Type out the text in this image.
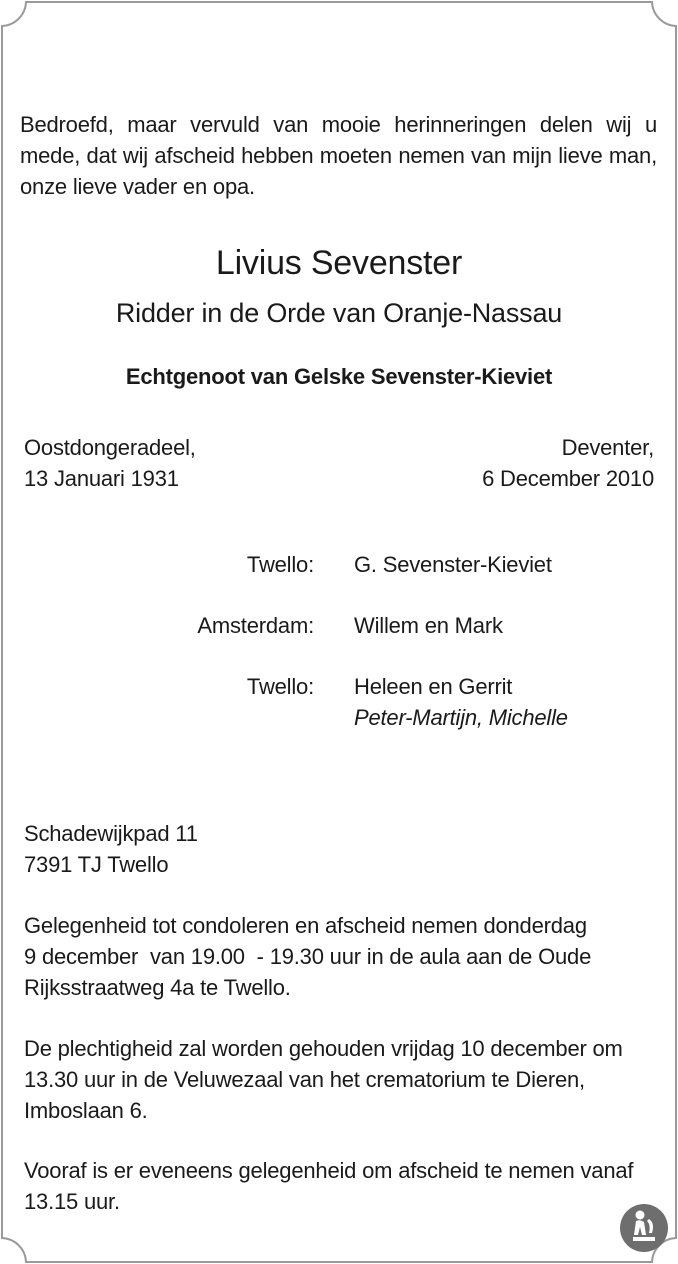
Bedroefd, maar vervuld van mooie herinneringen delen wij u

mede, dat wij afscheid hebben moeten nemen van mijn lieve man,

onze lieve vader en opa.

Livius Sevenster

Ridder in de Orde van Oranje-Nassau

Echtgenoot van Gelske Sevenster-Kieviet

Oostdongeradeel,

13 Januari 1931

Deventer,

6 December 2010

Twello: G. Sevenster-Kieviet

Amsterdam: Willem en Mark

Twello: Heleen en Gerrit

Peter-Martijn, Michelle

Schadewijkpad 11

7391 TJ Twello

Gelegenheid tot condoleren en afscheid nemen donderdag

9 december  van 19.00  - 19.30 uur in de aula aan de Oude

Rijksstraatweg 4a te Twello.

De plechtigheid zal worden gehouden vrijdag 10 december om

13.30 uur in de Veluwezaal van het crematorium te Dieren,

Imboslaan 6.

Vooraf is er eveneens gelegenheid om afscheid te nemen vanaf

13.15 uur.
